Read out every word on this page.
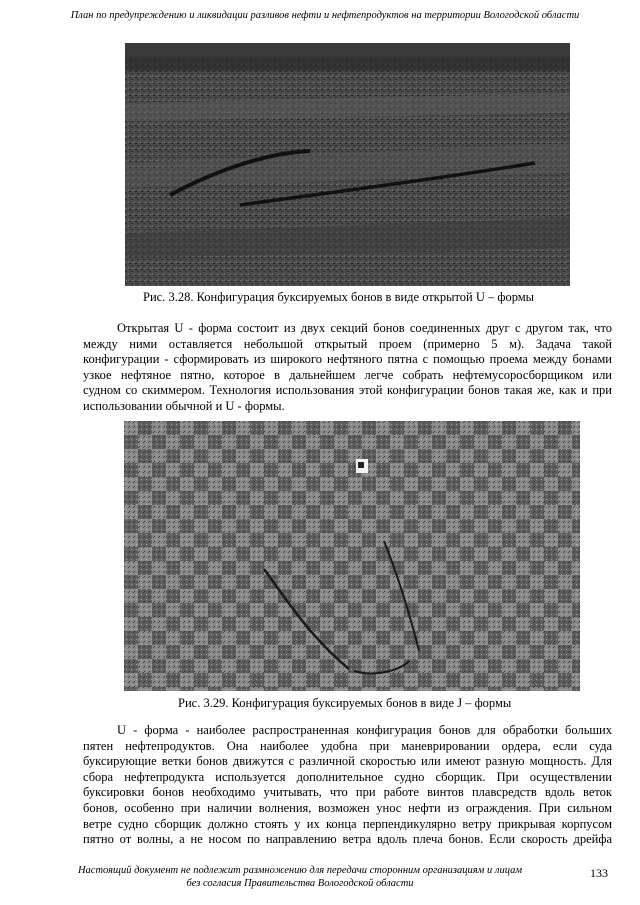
План по предупреждению и ликвидации разливов нефти и нефтепродуктов на территории Вологодской области
Рис. 3.28. Конфигурация буксируемых бонов в виде открытой U – формы
Открытая U - форма состоит из двух секций бонов соединенных друг с другом так, что
между ними оставляется небольшой открытый проем (примерно 5 м). Задача такой
конфигурации - сформировать из широкого нефтяного пятна с помощью проема между бонами
узкое нефтяное пятно, которое в дальнейшем легче собрать нефтемусоросборщиком или
судном со скиммером. Технология использования этой конфигурации бонов такая же, как и при
использовании обычной и U - формы.
Рис. 3.29. Конфигурация буксируемых бонов в виде J – формы
U - форма - наиболее распространенная конфигурация бонов для обработки больших
пятен нефтепродуктов. Она наиболее удобна при маневрировании ордера, если суда
буксирующие ветки бонов движутся с различной скоростью или имеют разную мощность. Для
сбора нефтепродукта используется дополнительное судно сборщик. При осуществлении
буксировки бонов необходимо учитывать, что при работе винтов плавсредств вдоль веток
бонов, особенно при наличии волнения, возможен унос нефти из ограждения. При сильном
ветре судно сборщик должно стоять у их конца перпендикулярно ветру прикрывая корпусом
пятно от волны, а не носом по направлению ветра вдоль плеча бонов. Если скорость дрейфа
Настоящий документ не подлежит размножению для передачи сторонним организациям и лицам
без согласия Правительства Вологодской области
133
